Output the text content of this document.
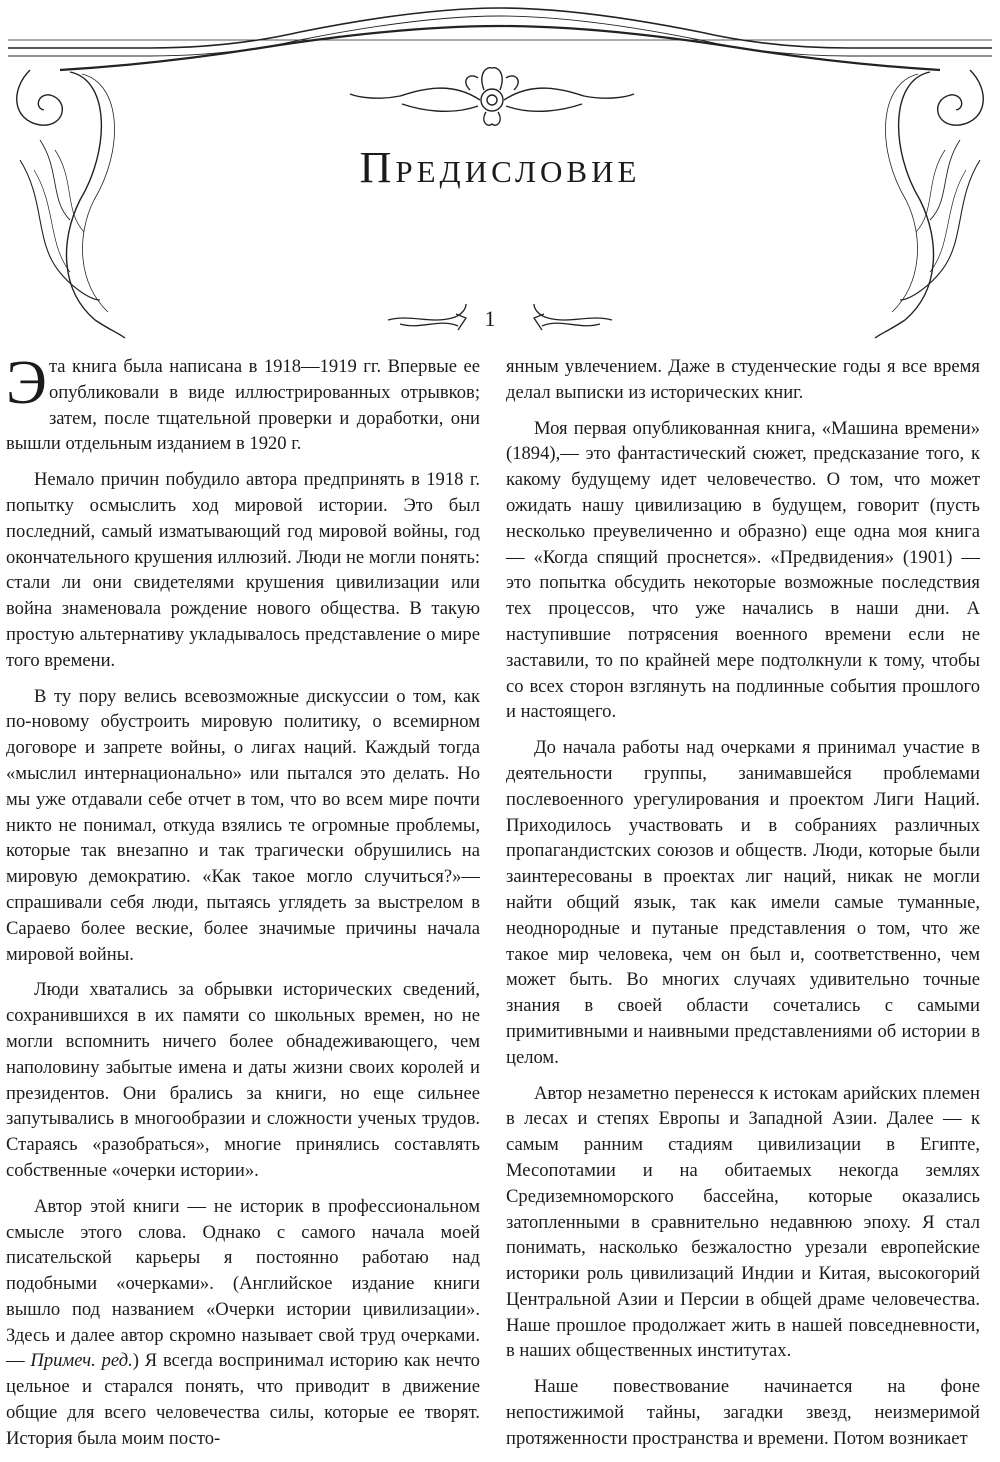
Предисловие
1

Эта книга была написана в 1918—1919 гг. Впервые ее опубликовали в виде иллюстрированных отрывков; затем, после тщательной проверки и доработки, они вышли отдельным изданием в 1920 г.

Немало причин побудило автора предпринять в 1918 г. попытку осмыслить ход мировой истории. Это был последний, самый изматывающий год мировой войны, год окончательного крушения иллюзий. Люди не могли понять: стали ли они свидетелями крушения цивилизации или война знаменовала рождение нового общества. В такую простую альтернативу укладывалось представление о мире того времени.

В ту пору велись всевозможные дискуссии о том, как по-новому обустроить мировую политику, о всемирном договоре и запрете войны, о лигах наций. Каждый тогда «мыслил интернационально» или пытался это делать. Но мы уже отдавали себе отчет в том, что во всем мире почти никто не понимал, откуда взялись те огромные проблемы, которые так внезапно и так трагически обрушились на мировую демократию. «Как такое могло случиться?»— спрашивали себя люди, пытаясь углядеть за выстрелом в Сараево более веские, более значимые причины начала мировой войны.

Люди хватались за обрывки исторических сведений, сохранившихся в их памяти со школьных времен, но не могли вспомнить ничего более обнадеживающего, чем наполовину забытые имена и даты жизни своих королей и президентов. Они брались за книги, но еще сильнее запутывались в многообразии и сложности ученых трудов. Стараясь «разобраться», многие принялись составлять собственные «очерки истории».

Автор этой книги — не историк в профессиональном смысле этого слова. Однако с самого начала моей писательской карьеры я постоянно работаю над подобными «очерками». (Английское издание книги вышло под названием «Очерки истории цивилизации». Здесь и далее автор скромно называет свой труд очерками.— Примеч. ред.) Я всегда воспринимал историю как нечто цельное и старался понять, что приводит в движение общие для всего человечества силы, которые ее творят. История была моим посто-

янным увлечением. Даже в студенческие годы я все время делал выписки из исторических книг.

Моя первая опубликованная книга, «Машина времени» (1894),— это фантастический сюжет, предсказание того, к какому будущему идет человечество. О том, что может ожидать нашу цивилизацию в будущем, говорит (пусть несколько преувеличенно и образно) еще одна моя книга — «Когда спящий проснется». «Предвидения» (1901) — это попытка обсудить некоторые возможные последствия тех процессов, что уже начались в наши дни. А наступившие потрясения военного времени если не заставили, то по крайней мере подтолкнули к тому, чтобы со всех сторон взглянуть на подлинные события прошлого и настоящего.

До начала работы над очерками я принимал участие в деятельности группы, занимавшейся проблемами послевоенного урегулирования и проектом Лиги Наций. Приходилось участвовать и в собраниях различных пропагандистских союзов и обществ. Люди, которые были заинтересованы в проектах лиг наций, никак не могли найти общий язык, так как имели самые туманные, неоднородные и путаные представления о том, что же такое мир человека, чем он был и, соответственно, чем может быть. Во многих случаях удивительно точные знания в своей области сочетались с самыми примитивными и наивными представлениями об истории в целом.

Автор незаметно перенесся к истокам арийских племен в лесах и степях Европы и Западной Азии. Далее — к самым ранним стадиям цивилизации в Египте, Месопотамии и на обитаемых некогда землях Средиземноморского бассейна, которые оказались затопленными в сравнительно недавнюю эпоху. Я стал понимать, насколько безжалостно урезали европейские историки роль цивилизаций Индии и Китая, высокогорий Центральной Азии и Персии в общей драме человечества. Наше прошлое продолжает жить в нашей повседневности, в наших общественных институтах.

Наше повествование начинается на фоне непостижимой тайны, загадки звезд, неизмеримой протяженности пространства и времени. Потом возникает
